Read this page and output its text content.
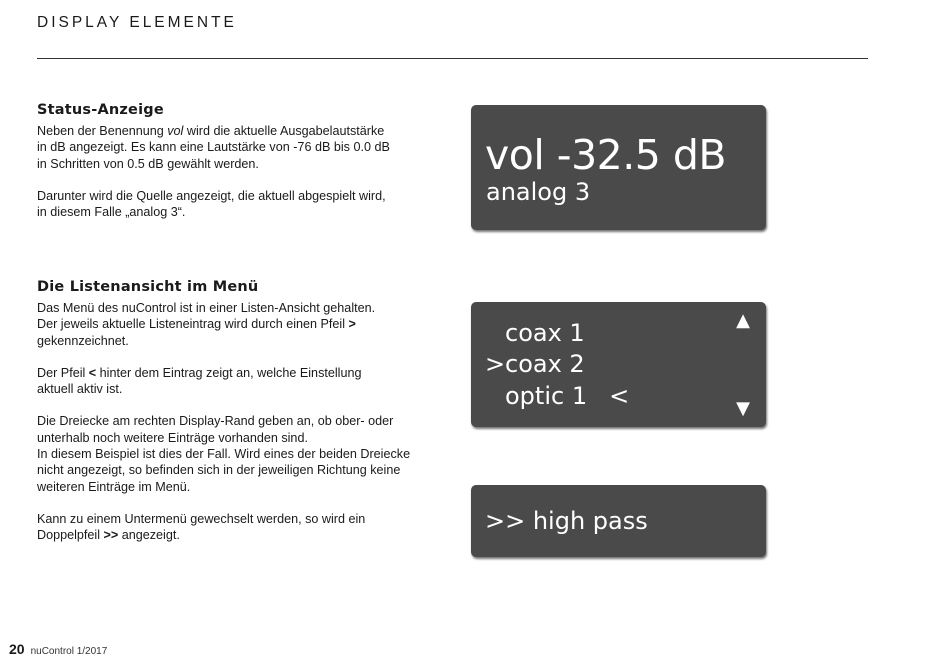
DISPLAY ELEMENTE
Status-Anzeige

Neben der Benennung vol wird die aktuelle Ausgabelautstärke
in dB angezeigt. Es kann eine Lautstärke von -76 dB bis 0.0 dB
in Schritten von 0.5 dB gewählt werden.

Darunter wird die Quelle angezeigt, die aktuell abgespielt wird,
in diesem Falle „analog 3“.

Die Listenansicht im Menü

Das Menü des nuControl ist in einer Listen-Ansicht gehalten.
Der jeweils aktuelle Listeneintrag wird durch einen Pfeil >
gekennzeichnet.

Der Pfeil < hinter dem Eintrag zeigt an, welche Einstellung
aktuell aktiv ist.

Die Dreiecke am rechten Display-Rand geben an, ob ober- oder
unterhalb noch weitere Einträge vorhanden sind.
In diesem Beispiel ist dies der Fall. Wird eines der beiden Dreiecke
nicht angezeigt, so befinden sich in der jeweiligen Richtung keine
weiteren Einträge im Menü.

Kann zu einem Untermenü gewechselt werden, so wird ein
Doppelpfeil >> angezeigt.

vol -32.5 dB
analog 3
coax 1
>coax 2
optic 1 <
▲
▼
>> high pass
20 nuControl 1/2017
